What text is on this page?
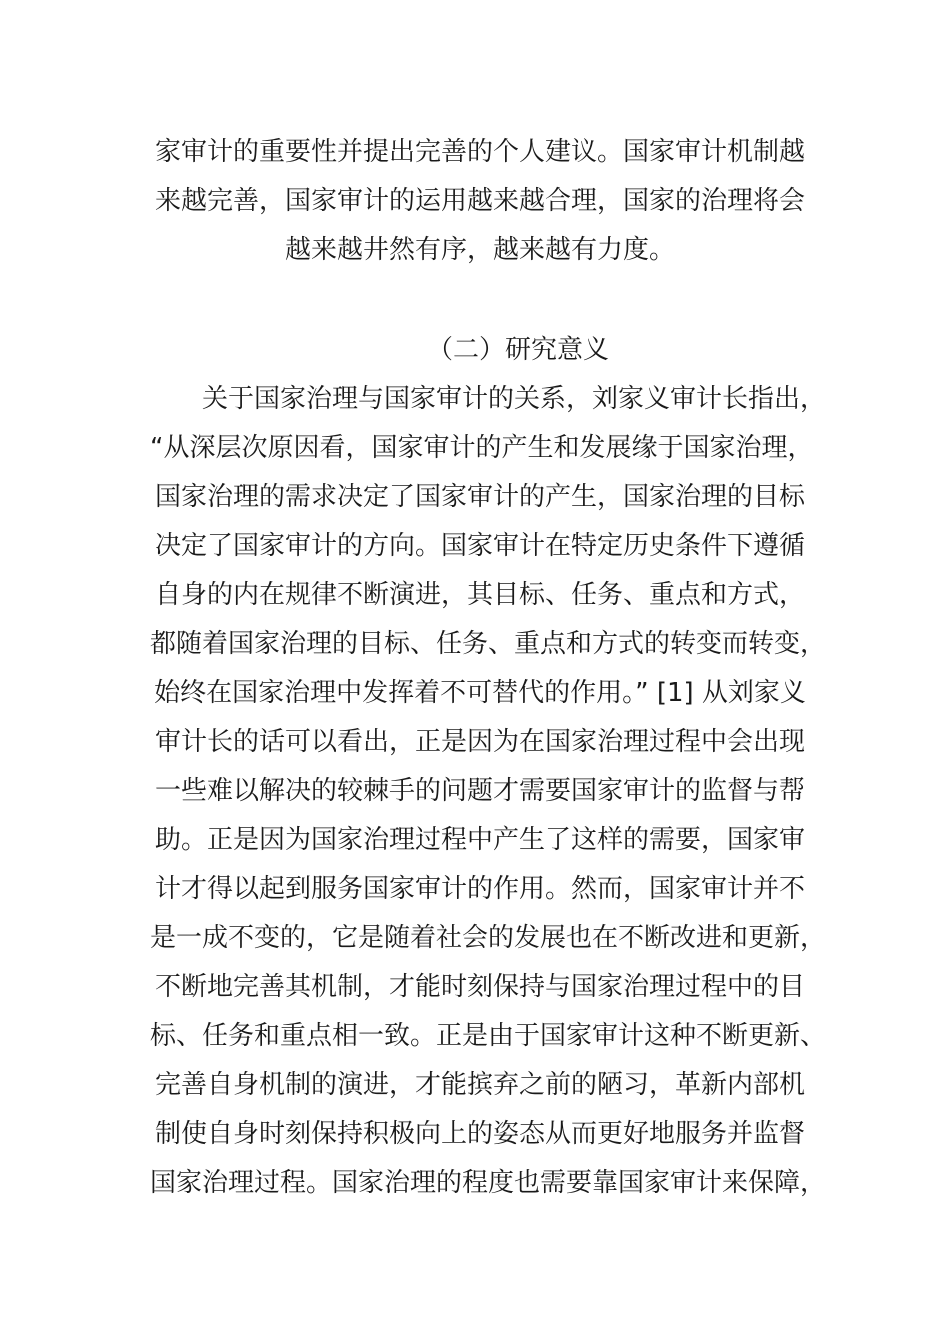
家审计的重要性并提出完善的个人建议。国家审计机制越
来越完善，国家审计的运用越来越合理，国家的治理将会
越来越井然有序，越来越有力度。
（二）研究意义
　　关于国家治理与国家审计的关系，刘家义审计长指出，
“从深层次原因看，国家审计的产生和发展缘于国家治理，
国家治理的需求决定了国家审计的产生，国家治理的目标
决定了国家审计的方向。国家审计在特定历史条件下遵循
自身的内在规律不断演进，其目标、任务、重点和方式，
都随着国家治理的目标、任务、重点和方式的转变而转变，
始终在国家治理中发挥着不可替代的作用。” [1] 从刘家义
审计长的话可以看出，正是因为在国家治理过程中会出现
一些难以解决的较棘手的问题才需要国家审计的监督与帮
助。正是因为国家治理过程中产生了这样的需要，国家审
计才得以起到服务国家审计的作用。然而，国家审计并不
是一成不变的，它是随着社会的发展也在不断改进和更新，
不断地完善其机制，才能时刻保持与国家治理过程中的目
标、任务和重点相一致。正是由于国家审计这种不断更新、
完善自身机制的演进，才能摈弃之前的陋习，革新内部机
制使自身时刻保持积极向上的姿态从而更好地服务并监督
国家治理过程。国家治理的程度也需要靠国家审计来保障，
